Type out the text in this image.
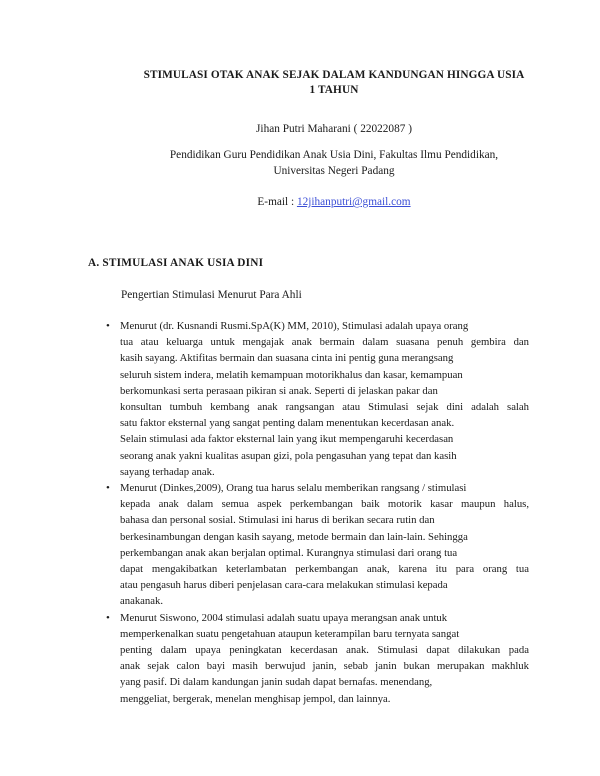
STIMULASI OTAK ANAK SEJAK DALAM KANDUNGAN HINGGA USIA
1 TAHUN
Jihan Putri Maharani ( 22022087 )
Pendidikan Guru Pendidikan Anak Usia Dini, Fakultas Ilmu Pendidikan,
Universitas Negeri Padang
E-mail : 12jihanputri@gmail.com
A. STIMULASI ANAK USIA DINI
Pengertian Stimulasi Menurut Para Ahli
• Menurut (dr. Kusnandi Rusmi.SpA(K) MM, 2010), Stimulasi adalah upaya orang
tua atau keluarga untuk mengajak anak bermain dalam suasana penuh gembira dan
kasih sayang. Aktifitas bermain dan suasana cinta ini pentig guna merangsang
seluruh sistem indera, melatih kemampuan motorikhalus dan kasar, kemampuan
berkomunkasi serta perasaan pikiran si anak. Seperti di jelaskan pakar dan
konsultan tumbuh kembang anak rangsangan atau Stimulasi sejak dini adalah salah
satu faktor eksternal yang sangat penting dalam menentukan kecerdasan anak.
Selain stimulasi ada faktor eksternal lain yang ikut mempengaruhi kecerdasan
seorang anak yakni kualitas asupan gizi, pola pengasuhan yang tepat dan kasih
sayang terhadap anak.
• Menurut (Dinkes,2009), Orang tua harus selalu memberikan rangsang / stimulasi
kepada anak dalam semua aspek perkembangan baik motorik kasar maupun halus,
bahasa dan personal sosial. Stimulasi ini harus di berikan secara rutin dan
berkesinambungan dengan kasih sayang, metode bermain dan lain-lain. Sehingga
perkembangan anak akan berjalan optimal. Kurangnya stimulasi dari orang tua
dapat mengakibatkan keterlambatan perkembangan anak, karena itu para orang tua
atau pengasuh harus diberi penjelasan cara-cara melakukan stimulasi kepada
anakanak.
• Menurut Siswono, 2004 stimulasi adalah suatu upaya merangsan anak untuk
memperkenalkan suatu pengetahuan ataupun keterampilan baru ternyata sangat
penting dalam upaya peningkatan kecerdasan anak. Stimulasi dapat dilakukan pada
anak sejak calon bayi masih berwujud janin, sebab janin bukan merupakan makhluk
yang pasif. Di dalam kandungan janin sudah dapat bernafas. menendang,
menggeliat, bergerak, menelan menghisap jempol, dan lainnya.
